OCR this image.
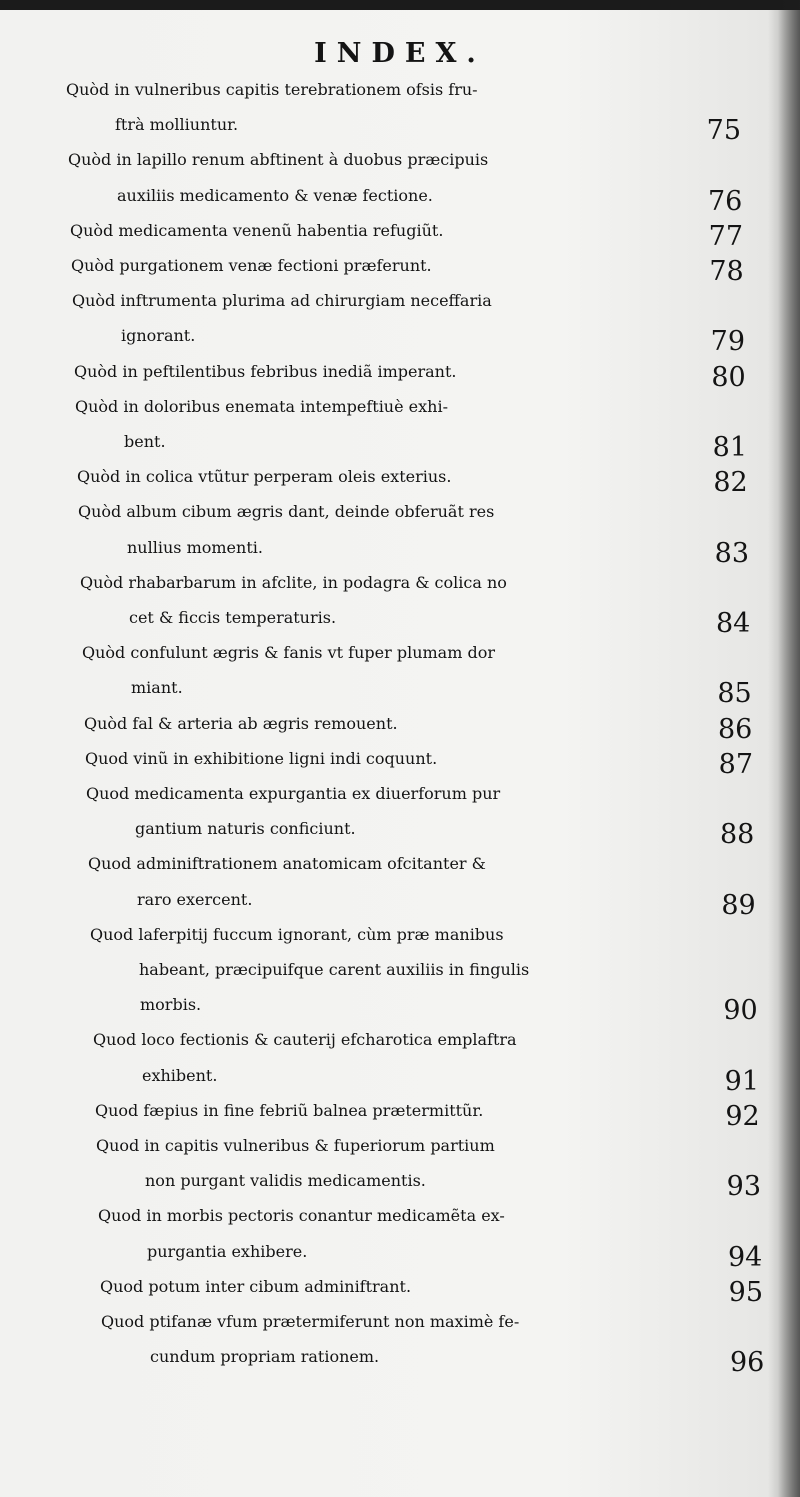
INDEX.
Quòd in vulneribus capitis terebrationem ofsis fru-
ftrà molliuntur.	75
Quòd in lapillo renum abftinent à duobus præcipuis
auxiliis medicamento & venæ fectione.	76
Quòd medicamenta venenũ habentia refugiũt.	77
Quòd purgationem venæ fectioni præferunt.	78
Quòd inftrumenta plurima ad chirurgiam neceffaria
ignorant.	79
Quòd in peftilentibus febribus inediã imperant.	80
Quòd in doloribus enemata intempeftiuè exhi-
bent.	81
Quòd in colica vtũtur perperam oleis exterius.	82
Quòd album cibum ægris dant, deinde obferuãt res
nullius momenti.	83
Quòd rhabarbarum in afclite, in podagra & colica no
cet & ficcis temperaturis.	84
Quòd confulunt ægris & fanis vt fuper plumam dor
miant.	85
Quòd fal & arteria ab ægris remouent.	86
Quod vinũ in exhibitione ligni indi coquunt.	87
Quod medicamenta expurgantia ex diuerforum pur
gantium naturis conficiunt.	88
Quod adminiftrationem anatomicam ofcitanter &
raro exercent.	89
Quod laferpitij fuccum ignorant, cùm præ manibus
habeant, præcipuifque carent auxiliis in fingulis
morbis.	90
Quod loco fectionis & cauterij efcharotica emplaftra
exhibent.	91
Quod fæpius in fine febriũ balnea prætermittũr.	92
Quod in capitis vulneribus & fuperiorum partium
non purgant validis medicamentis.	93
Quod in morbis pectoris conantur medicamẽta ex-
purgantia exhibere.	94
Quod potum inter cibum adminiftrant.	95
Quod ptifanæ vfum prætermiferunt non maximè fe-
cundum propriam rationem.	96
